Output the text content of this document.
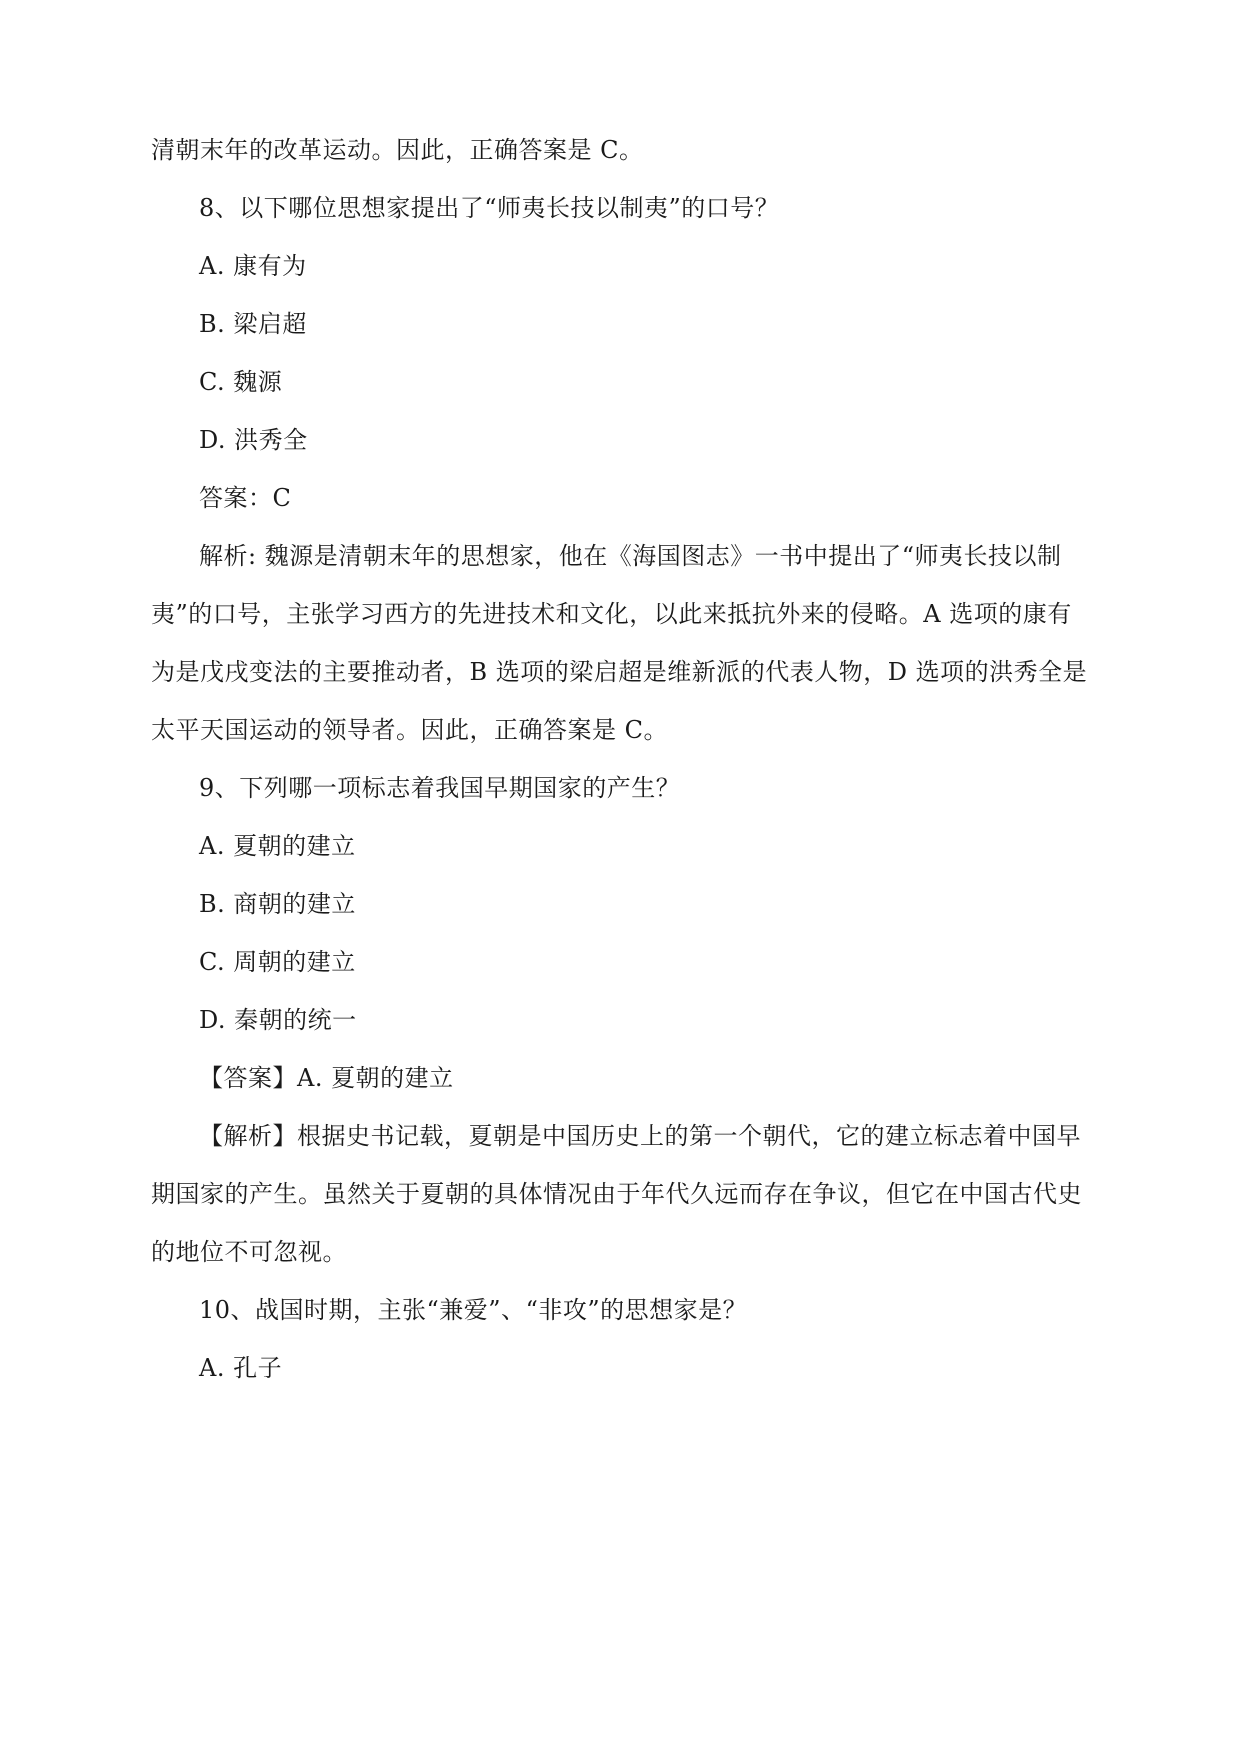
清朝末年的改革运动。因此，正确答案是 C。
8、以下哪位思想家提出了“师夷长技以制夷”的口号？
A. 康有为
B. 梁启超
C. 魏源
D. 洪秀全
答案：C
解析: 魏源是清朝末年的思想家，他在《海国图志》一书中提出了“师夷长技以制
夷”的口号，主张学习西方的先进技术和文化，以此来抵抗外来的侵略。A 选项的康有
为是戊戌变法的主要推动者，B 选项的梁启超是维新派的代表人物，D 选项的洪秀全是
太平天国运动的领导者。因此，正确答案是 C。
9、下列哪一项标志着我国早期国家的产生？
A. 夏朝的建立
B. 商朝的建立
C. 周朝的建立
D. 秦朝的统一
【答案】A. 夏朝的建立
【解析】根据史书记载，夏朝是中国历史上的第一个朝代，它的建立标志着中国早
期国家的产生。虽然关于夏朝的具体情况由于年代久远而存在争议，但它在中国古代史
的地位不可忽视。
10、战国时期，主张“兼爱”、“非攻”的思想家是？
A. 孔子
